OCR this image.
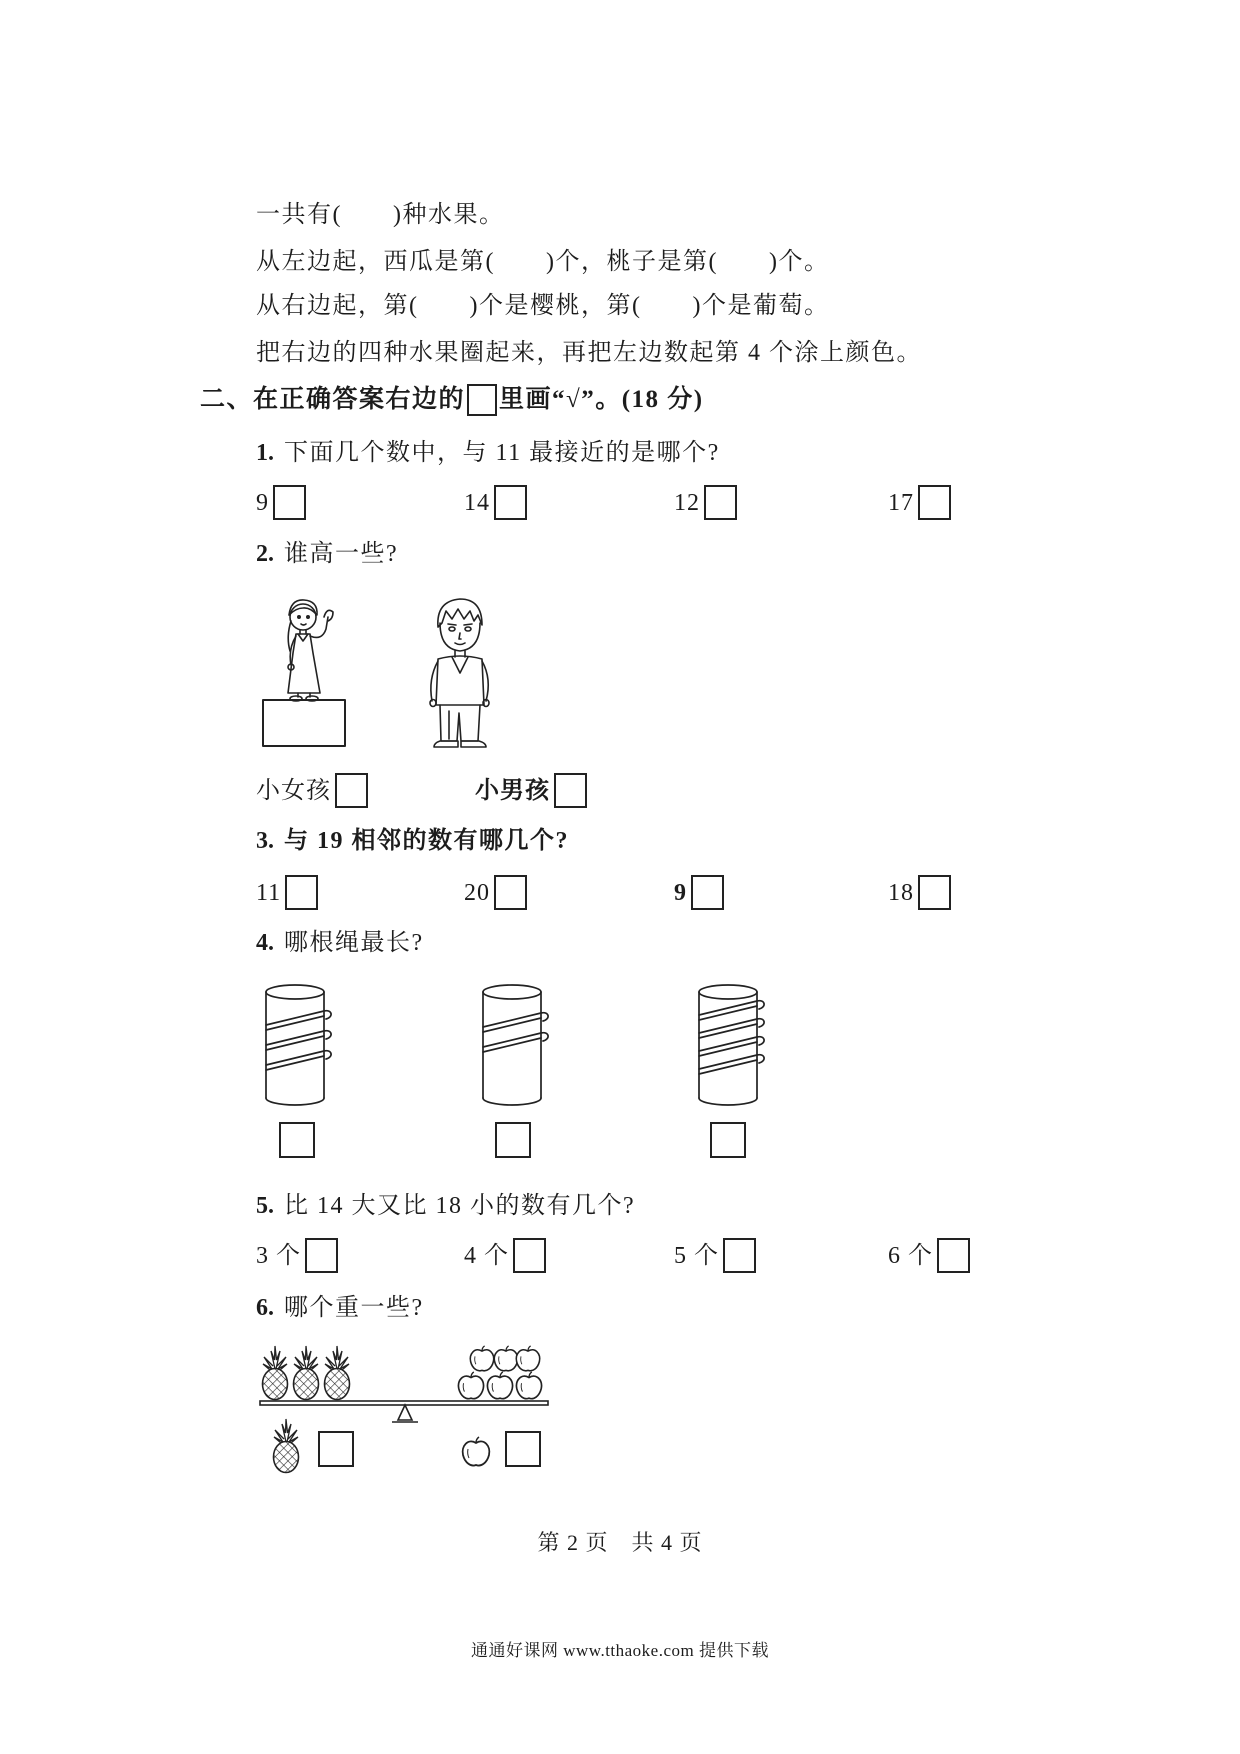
一共有(　　)种水果。
从左边起，西瓜是第(　　)个，桃子是第(　　)个。
从右边起，第(　　)个是樱桃，第(　　)个是葡萄。
把右边的四种水果圈起来，再把左边数起第 4 个涂上颜色。
二、在正确答案右边的 里画“√”。(18 分)
1. 下面几个数中，与 11 最接近的是哪个?
9	14	12	17
2. 谁高一些?
小女孩	小男孩
3. 与 19 相邻的数有哪几个?
11	20	9	18
4. 哪根绳最长?
5. 比 14 大又比 18 小的数有几个?
3 个	4 个	5 个	6 个
6. 哪个重一些?
第 2 页　共 4 页
通通好课网 www.tthaoke.com 提供下载
